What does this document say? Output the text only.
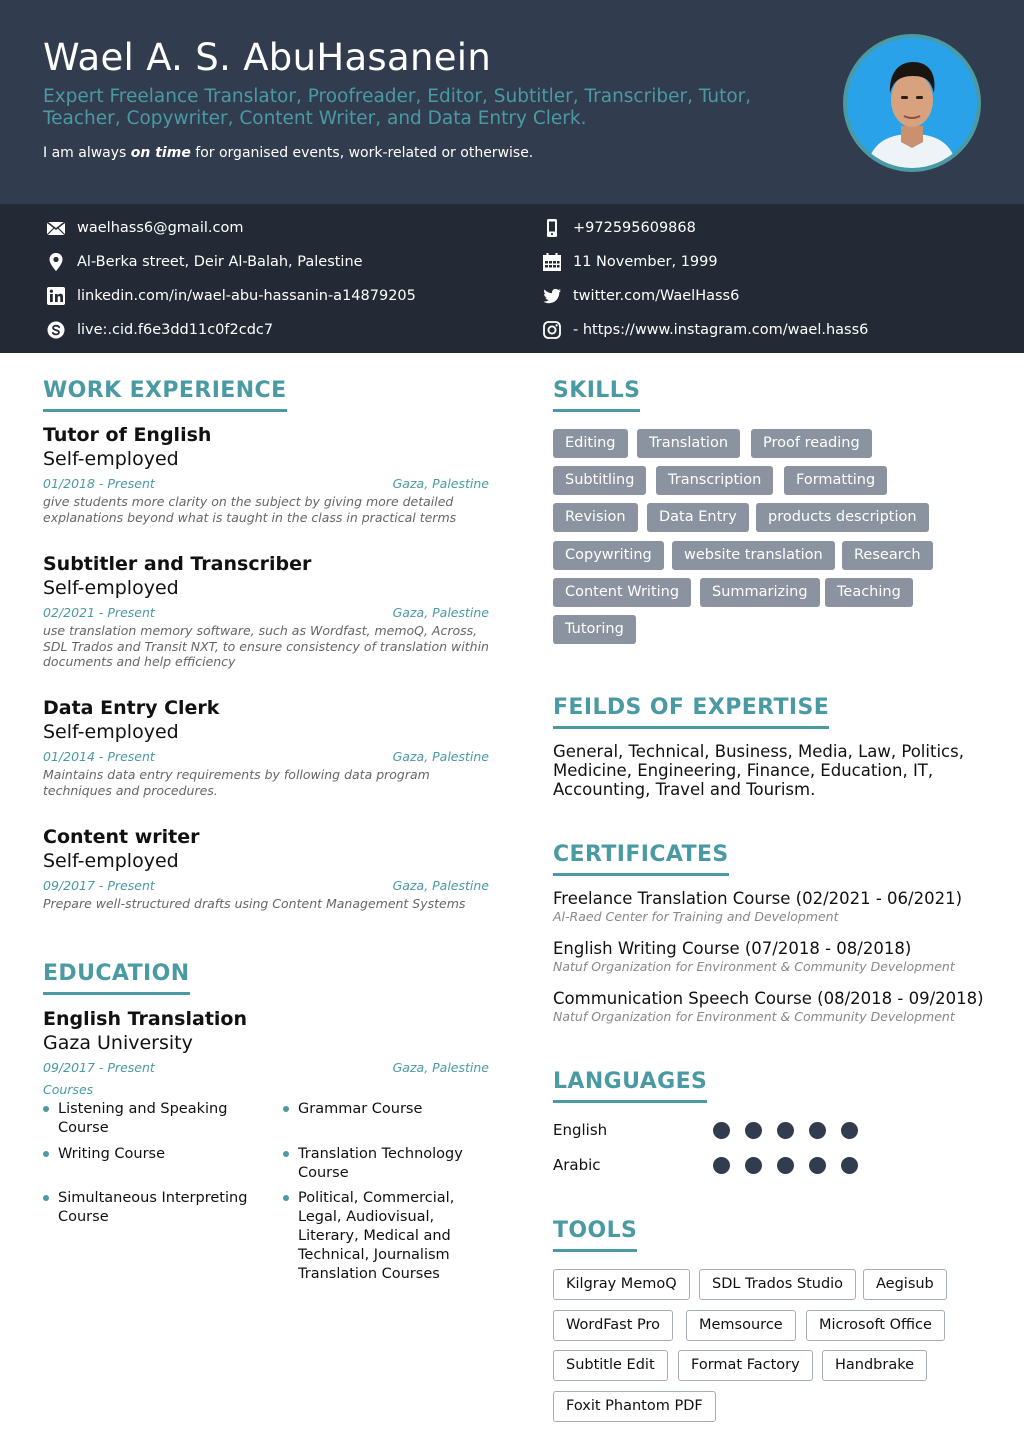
Wael A. S. AbuHasanein
Expert Freelance Translator, Proofreader, Editor, Subtitler, Transcriber, Tutor, Teacher, Copywriter, Content Writer, and Data Entry Clerk.
I am always on time for organised events, work-related or otherwise.
waelhass6@gmail.com	+972595609868
Al-Berka street, Deir Al-Balah, Palestine	11 November, 1999
linkedin.com/in/wael-abu-hassanin-a14879205	twitter.com/WaelHass6
live:.cid.f6e3dd11c0f2cdc7	- https://www.instagram.com/wael.hass6
WORK EXPERIENCE
Tutor of English
Self-employed
01/2018 - Present	Gaza, Palestine
give students more clarity on the subject by giving more detailed explanations beyond what is taught in the class in practical terms
Subtitler and Transcriber
Self-employed
02/2021 - Present	Gaza, Palestine
use translation memory software, such as Wordfast, memoQ, Across, SDL Trados and Transit NXT, to ensure consistency of translation within documents and help efficiency
Data Entry Clerk
Self-employed
01/2014 - Present	Gaza, Palestine
Maintains data entry requirements by following data program techniques and procedures.
Content writer
Self-employed
09/2017 - Present	Gaza, Palestine
Prepare well-structured drafts using Content Management Systems
EDUCATION
English Translation
Gaza University
09/2017 - Present	Gaza, Palestine
Courses
Listening and Speaking Course
Grammar Course
Writing Course	Translation Technology Course
Simultaneous Interpreting Course
Political, Commercial, Legal, Audiovisual, Literary, Medical and Technical, Journalism Translation Courses
SKILLS
Editing	Translation	Proof reading
Subtitling	Transcription	Formatting
Revision	Data Entry	products description
Copywriting	website translation	Research
Content Writing	Summarizing	Teaching
Tutoring
FEILDS OF EXPERTISE
General, Technical, Business, Media, Law, Politics, Medicine, Engineering, Finance, Education, IT, Accounting, Travel and Tourism.
CERTIFICATES
Freelance Translation Course (02/2021 - 06/2021)
Al-Raed Center for Training and Development
English Writing Course (07/2018 - 08/2018)
Natuf Organization for Environment & Community Development
Communication Speech Course (08/2018 - 09/2018)
Natuf Organization for Environment & Community Development
LANGUAGES
English
Arabic
TOOLS
Kilgray MemoQ	SDL Trados Studio	Aegisub
WordFast Pro	Memsource	Microsoft Office
Subtitle Edit	Format Factory	Handbrake
Foxit Phantom PDF
